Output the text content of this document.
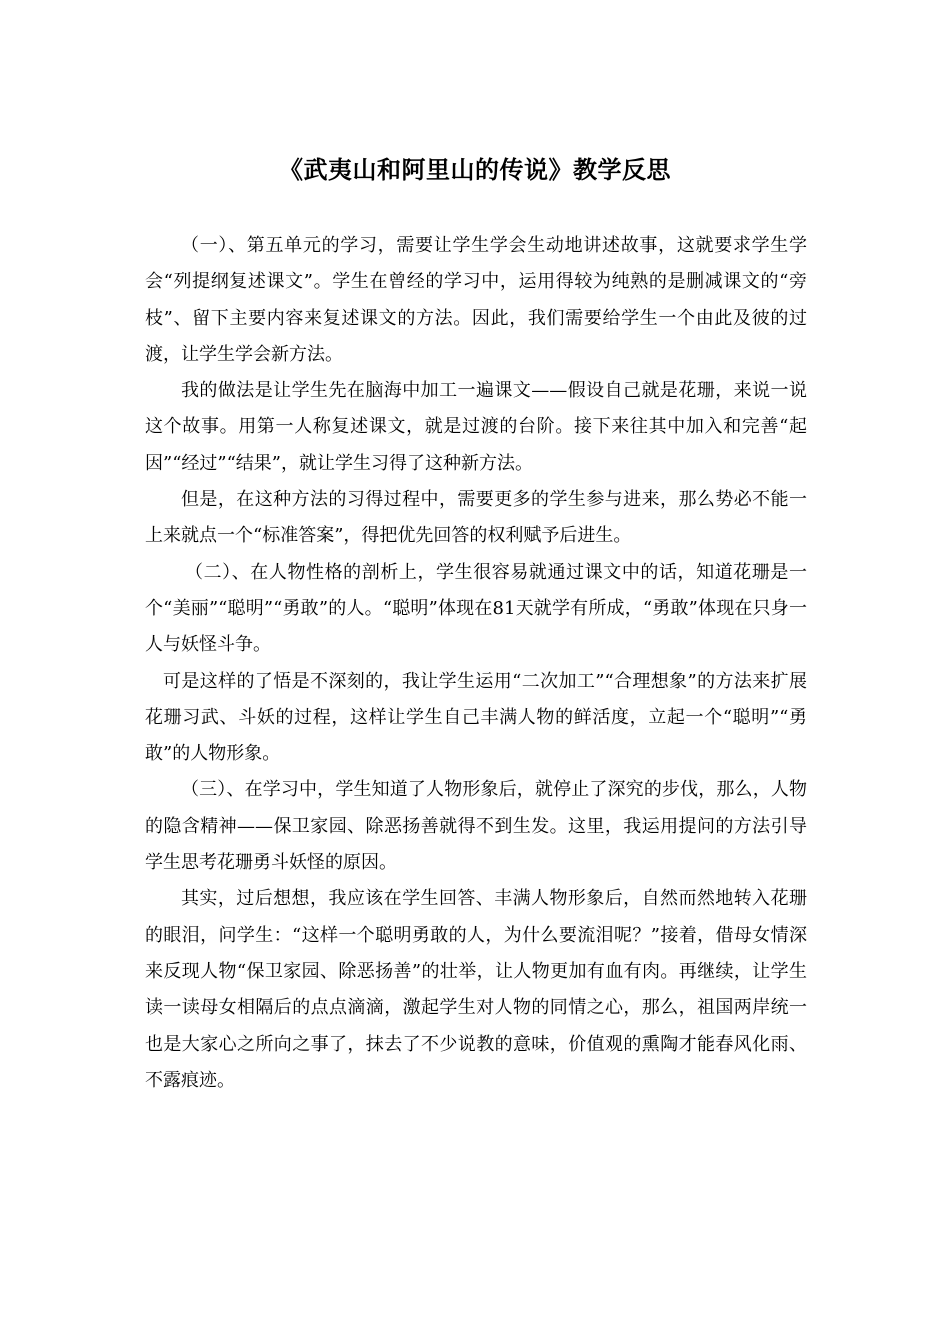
《武夷山和阿里山的传说》教学反思

（一）、第五单元的学习，需要让学生学会生动地讲述故事，这就要求学生学会“列提纲复述课文”。学生在曾经的学习中，运用得较为纯熟的是删减课文的“旁枝”、留下主要内容来复述课文的方法。因此，我们需要给学生一个由此及彼的过渡，让学生学会新方法。

我的做法是让学生先在脑海中加工一遍课文——假设自己就是花珊，来说一说这个故事。用第一人称复述课文，就是过渡的台阶。接下来往其中加入和完善“起因”“经过”“结果”，就让学生习得了这种新方法。

但是，在这种方法的习得过程中，需要更多的学生参与进来，那么势必不能一上来就点一个“标准答案”，得把优先回答的权利赋予后进生。

（二）、在人物性格的剖析上，学生很容易就通过课文中的话，知道花珊是一个“美丽”“聪明”“勇敢”的人。“聪明”体现在81天就学有所成，“勇敢”体现在只身一人与妖怪斗争。

可是这样的了悟是不深刻的，我让学生运用“二次加工”“合理想象”的方法来扩展花珊习武、斗妖的过程，这样让学生自己丰满人物的鲜活度，立起一个“聪明”“勇敢”的人物形象。

（三）、在学习中，学生知道了人物形象后，就停止了深究的步伐，那么，人物的隐含精神——保卫家园、除恶扬善就得不到生发。这里，我运用提问的方法引导学生思考花珊勇斗妖怪的原因。

其实，过后想想，我应该在学生回答、丰满人物形象后，自然而然地转入花珊的眼泪，问学生：“这样一个聪明勇敢的人，为什么要流泪呢？”接着，借母女情深来反现人物“保卫家园、除恶扬善”的壮举，让人物更加有血有肉。再继续，让学生读一读母女相隔后的点点滴滴，激起学生对人物的同情之心，那么，祖国两岸统一也是大家心之所向之事了，抹去了不少说教的意味，价值观的熏陶才能春风化雨、不露痕迹。
